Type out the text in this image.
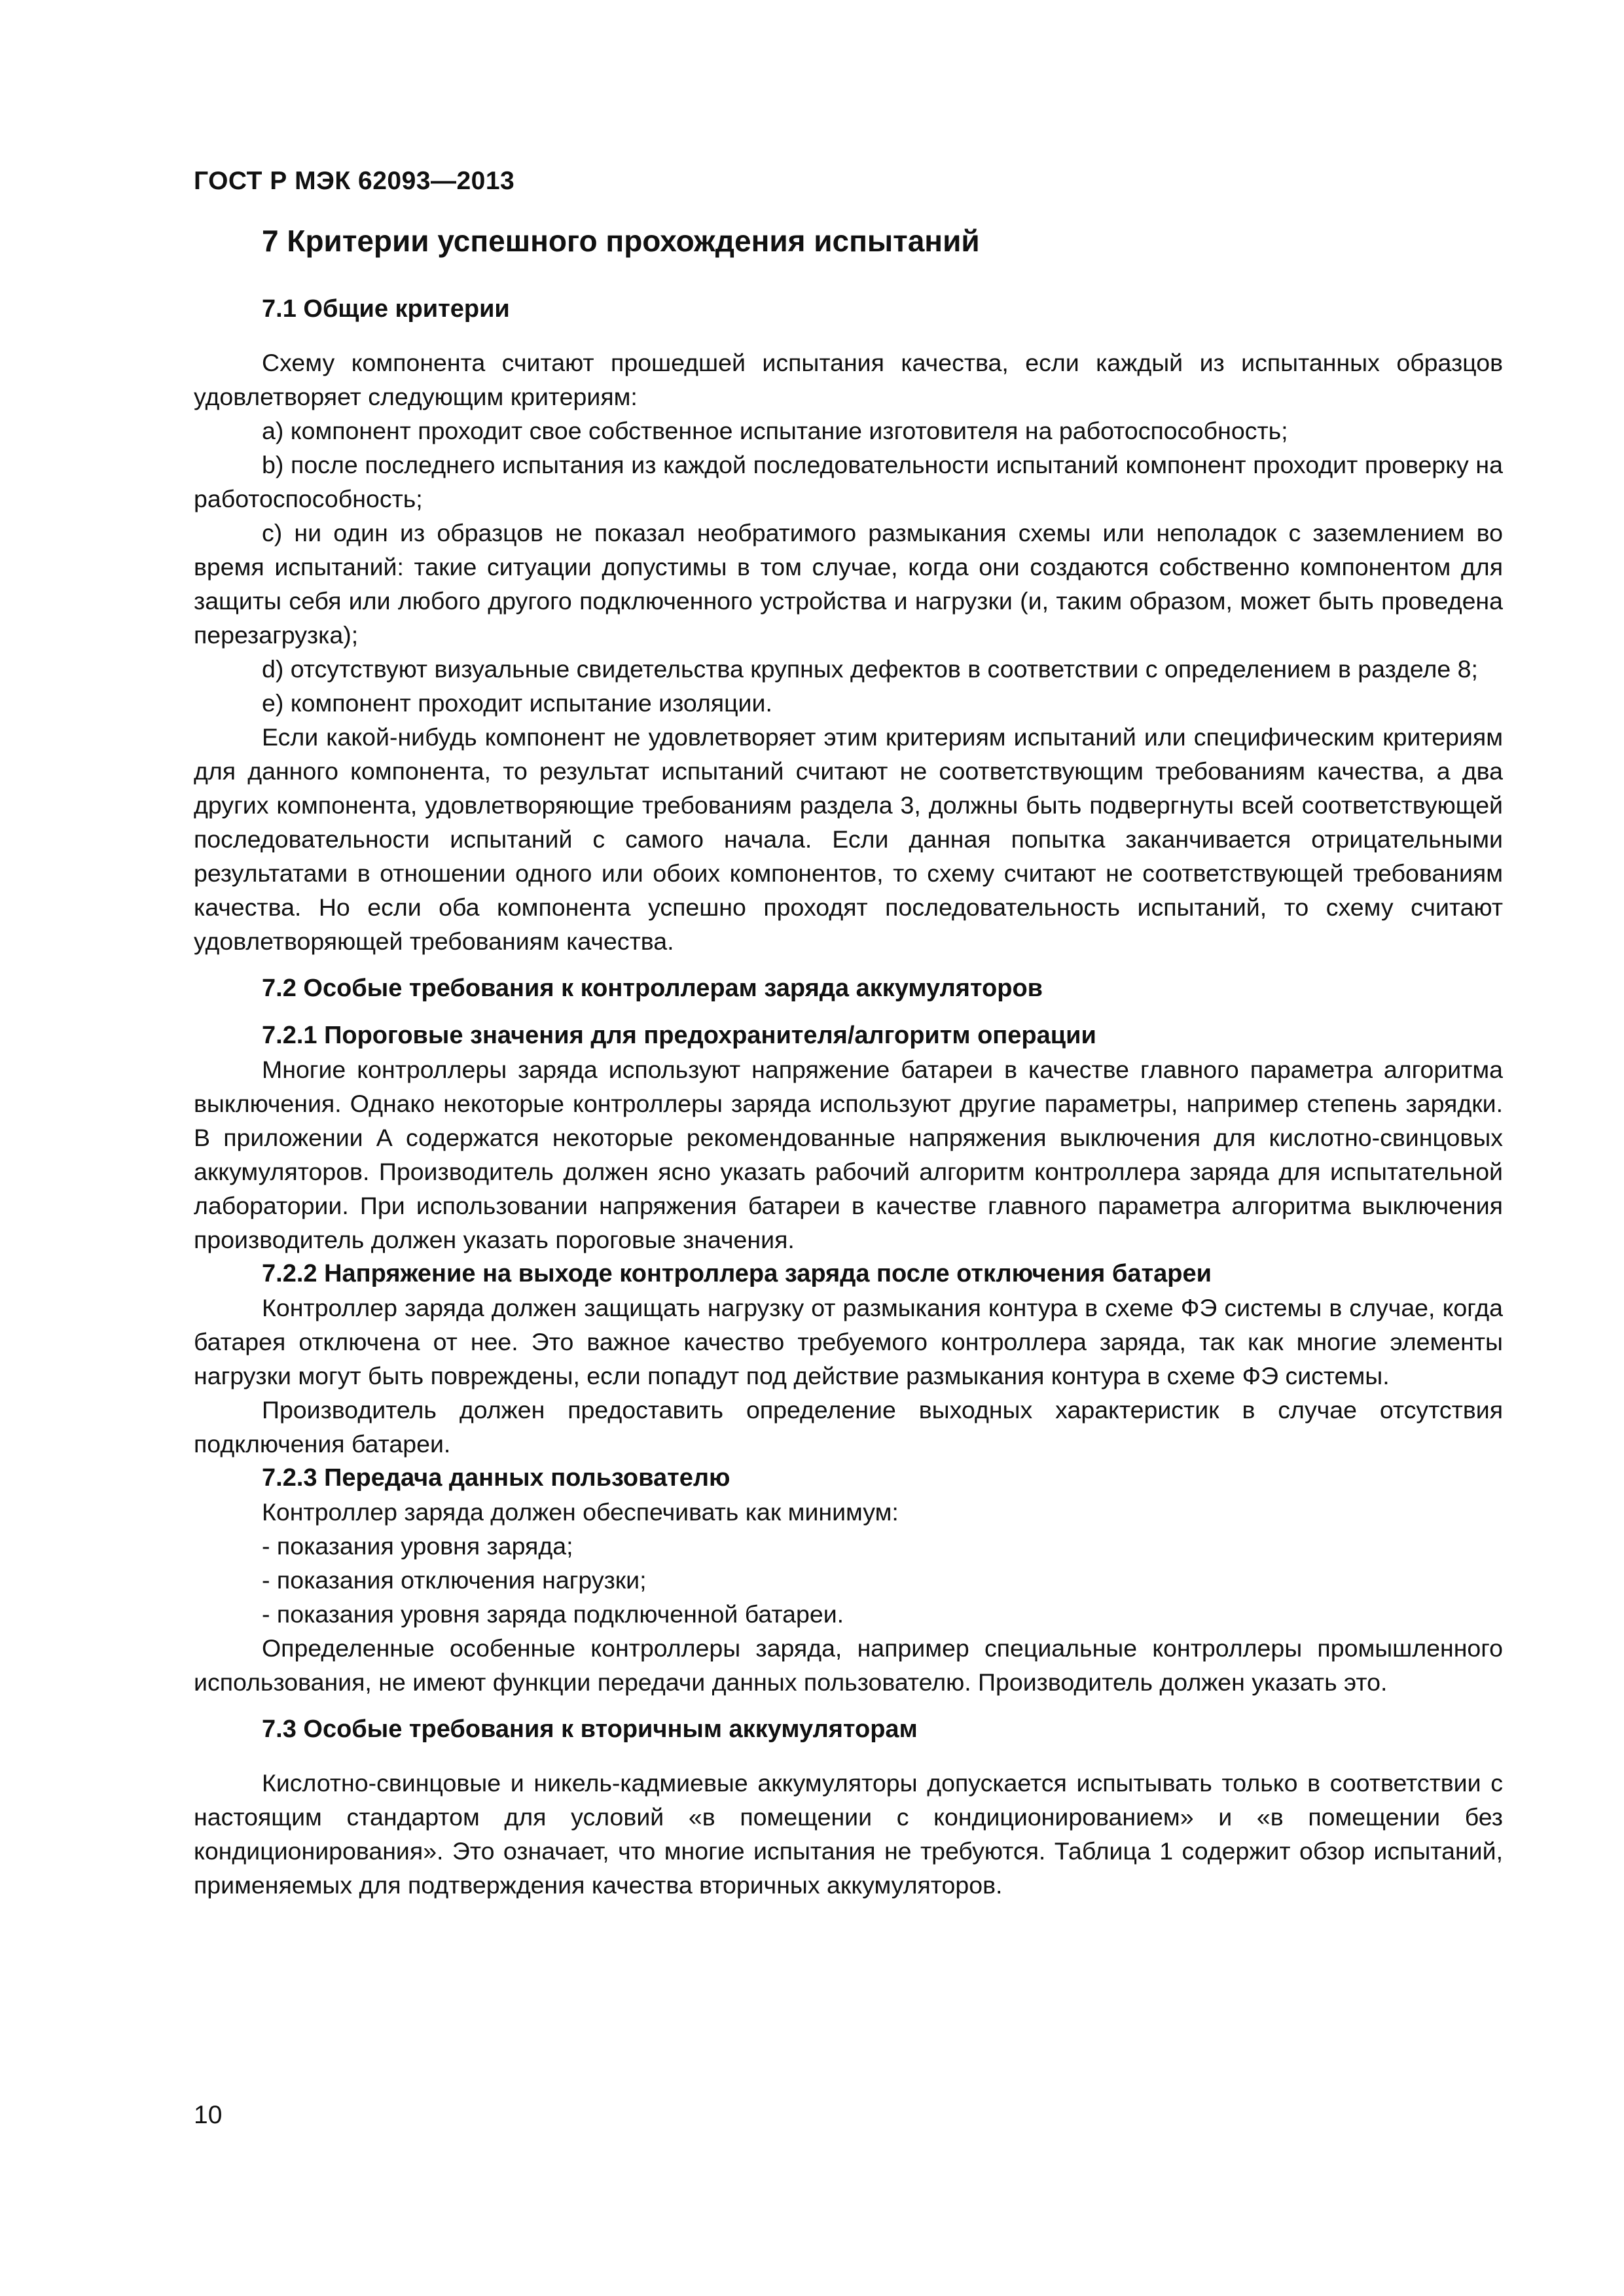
ГОСТ Р МЭК 62093—2013
7 Критерии успешного прохождения испытаний
7.1 Общие критерии

Схему компонента считают прошедшей испытания качества, если каждый из испытанных образцов удовлетворяет следующим критериям:

a) компонент проходит свое собственное испытание изготовителя на работоспособность;

b) после последнего испытания из каждой последовательности испытаний компонент проходит проверку на работоспособность;

c) ни один из образцов не показал необратимого размыкания схемы или неполадок с заземлением во время испытаний: такие ситуации допустимы в том случае, когда они создаются собственно компонентом для защиты себя или любого другого подключенного устройства и нагрузки (и, таким образом, может быть проведена перезагрузка);

d) отсутствуют визуальные свидетельства крупных дефектов в соответствии с определением в разделе 8;

e) компонент проходит испытание изоляции.

Если какой-нибудь компонент не удовлетворяет этим критериям испытаний или специфическим критериям для данного компонента, то результат испытаний считают не соответствующим требованиям качества, а два других компонента, удовлетворяющие требованиям раздела 3, должны быть подвергнуты всей соответствующей последовательности испытаний с самого начала. Если данная попытка заканчивается отрицательными результатами в отношении одного или обоих компонентов, то схему считают не соответствующей требованиям качества. Но если оба компонента успешно проходят последовательность испытаний, то схему считают удовлетворяющей требованиям качества.

7.2 Особые требования к контроллерам заряда аккумуляторов
7.2.1 Пороговые значения для предохранителя/алгоритм операции

Многие контроллеры заряда используют напряжение батареи в качестве главного параметра алгоритма выключения. Однако некоторые контроллеры заряда используют другие параметры, например степень зарядки. В приложении А содержатся некоторые рекомендованные напряжения выключения для кислотно-свинцовых аккумуляторов. Производитель должен ясно указать рабочий алгоритм контроллера заряда для испытательной лаборатории. При использовании напряжения батареи в качестве главного параметра алгоритма выключения производитель должен указать пороговые значения.

7.2.2 Напряжение на выходе контроллера заряда после отключения батареи

Контроллер заряда должен защищать нагрузку от размыкания контура в схеме ФЭ системы в случае, когда батарея отключена от нее. Это важное качество требуемого контроллера заряда, так как многие элементы нагрузки могут быть повреждены, если попадут под действие размыкания контура в схеме ФЭ системы.

Производитель должен предоставить определение выходных характеристик в случае отсутствия подключения батареи.

7.2.3 Передача данных пользователю

Контроллер заряда должен обеспечивать как минимум:

- показания уровня заряда;

- показания отключения нагрузки;

- показания уровня заряда подключенной батареи.

Определенные особенные контроллеры заряда, например специальные контроллеры промышленного использования, не имеют функции передачи данных пользователю. Производитель должен указать это.

7.3 Особые требования к вторичным аккумуляторам

Кислотно-свинцовые и никель-кадмиевые аккумуляторы допускается испытывать только в соответствии с настоящим стандартом для условий «в помещении с кондиционированием» и «в помещении без кондиционирования». Это означает, что многие испытания не требуются. Таблица 1 содержит обзор испытаний, применяемых для подтверждения качества вторичных аккумуляторов.

10
